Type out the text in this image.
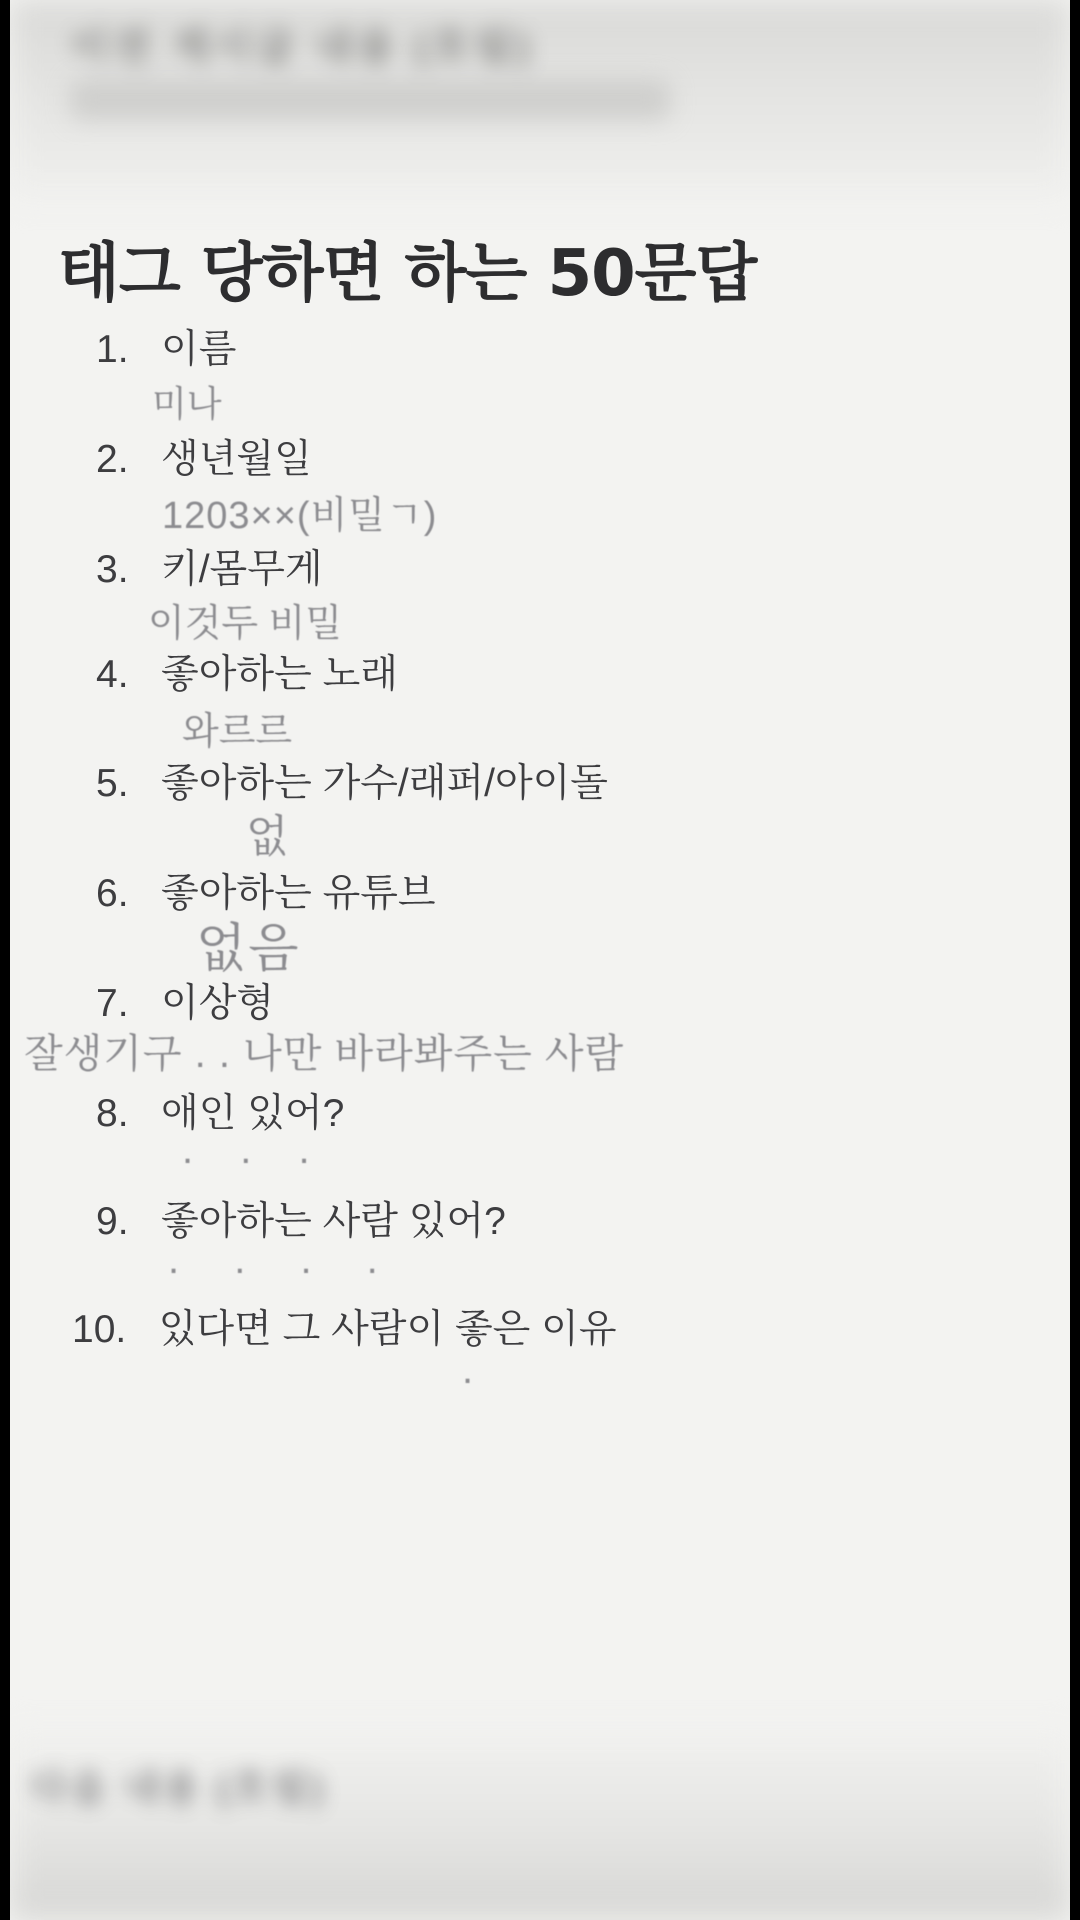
이전 게시글 내용 (흐림)
태그 당하면 하는 50문답
1. 이름
미나
2. 생년월일
1203××(비밀ㄱ)
3. 키/몸무게
이것두 비밀
4. 좋아하는 노래
와르르
5. 좋아하는 가수/래퍼/아이돌
없
6. 좋아하는 유튜브
없음
7. 이상형
잘생기구 . . 나만 바라봐주는 사람
8. 애인 있어?
. . .
9. 좋아하는 사람 있어?
. . . .
10. 있다면 그 사람이 좋은 이유
.
다음 내용 (흐림)
